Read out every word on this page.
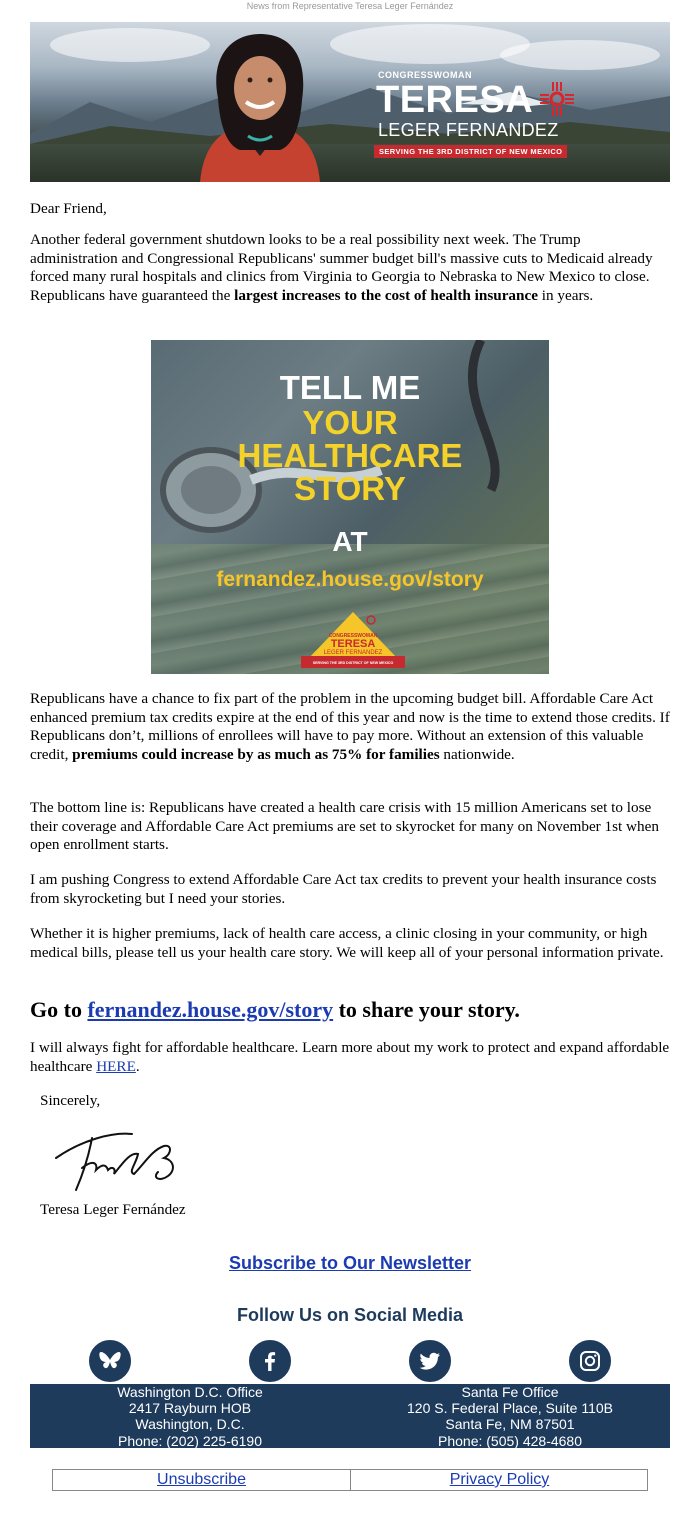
News from Representative Teresa Leger Fernández
CONGRESSWOMAN
TERESA
LEGER FERNANDEZ
SERVING THE 3RD DISTRICT OF NEW MEXICO

Dear Friend,

Another federal government shutdown looks to be a real possibility next week. The Trump administration and Congressional Republicans' summer budget bill's massive cuts to Medicaid already forced many rural hospitals and clinics from Virginia to Georgia to Nebraska to New Mexico to close. Republicans have guaranteed the largest increases to the cost of health insurance in years.

TELL ME
YOUR
HEALTHCARE
STORY
AT
fernandez.house.gov/story
CONGRESSWOMAN
TERESA
LEGER FERNANDEZ
SERVING THE 3RD DISTRICT OF NEW MEXICO

Republicans have a chance to fix part of the problem in the upcoming budget bill. Affordable Care Act enhanced premium tax credits expire at the end of this year and now is the time to extend those credits. If Republicans don’t, millions of enrollees will have to pay more. Without an extension of this valuable credit, premiums could increase by as much as 75% for families nationwide.

The bottom line is: Republicans have created a health care crisis with 15 million Americans set to lose their coverage and Affordable Care Act premiums are set to skyrocket for many on November 1st when open enrollment starts.

I am pushing Congress to extend Affordable Care Act tax credits to prevent your health insurance costs from skyrocketing but I need your stories.

Whether it is higher premiums, lack of health care access, a clinic closing in your community, or high medical bills, please tell us your health care story. We will keep all of your personal information private.

Go to fernandez.house.gov/story to share your story.

I will always fight for affordable healthcare. Learn more about my work to protect and expand affordable healthcare HERE.

Sincerely,
Teresa Leger Fernández
Subscribe to Our Newsletter
Follow Us on Social Media
Washington D.C. Office
2417 Rayburn HOB
Washington, D.C.
Phone: (202) 225-6190
Santa Fe Office
120 S. Federal Place, Suite 110B
Santa Fe, NM 87501
Phone: (505) 428-4680
Unsubscribe	Privacy Policy
